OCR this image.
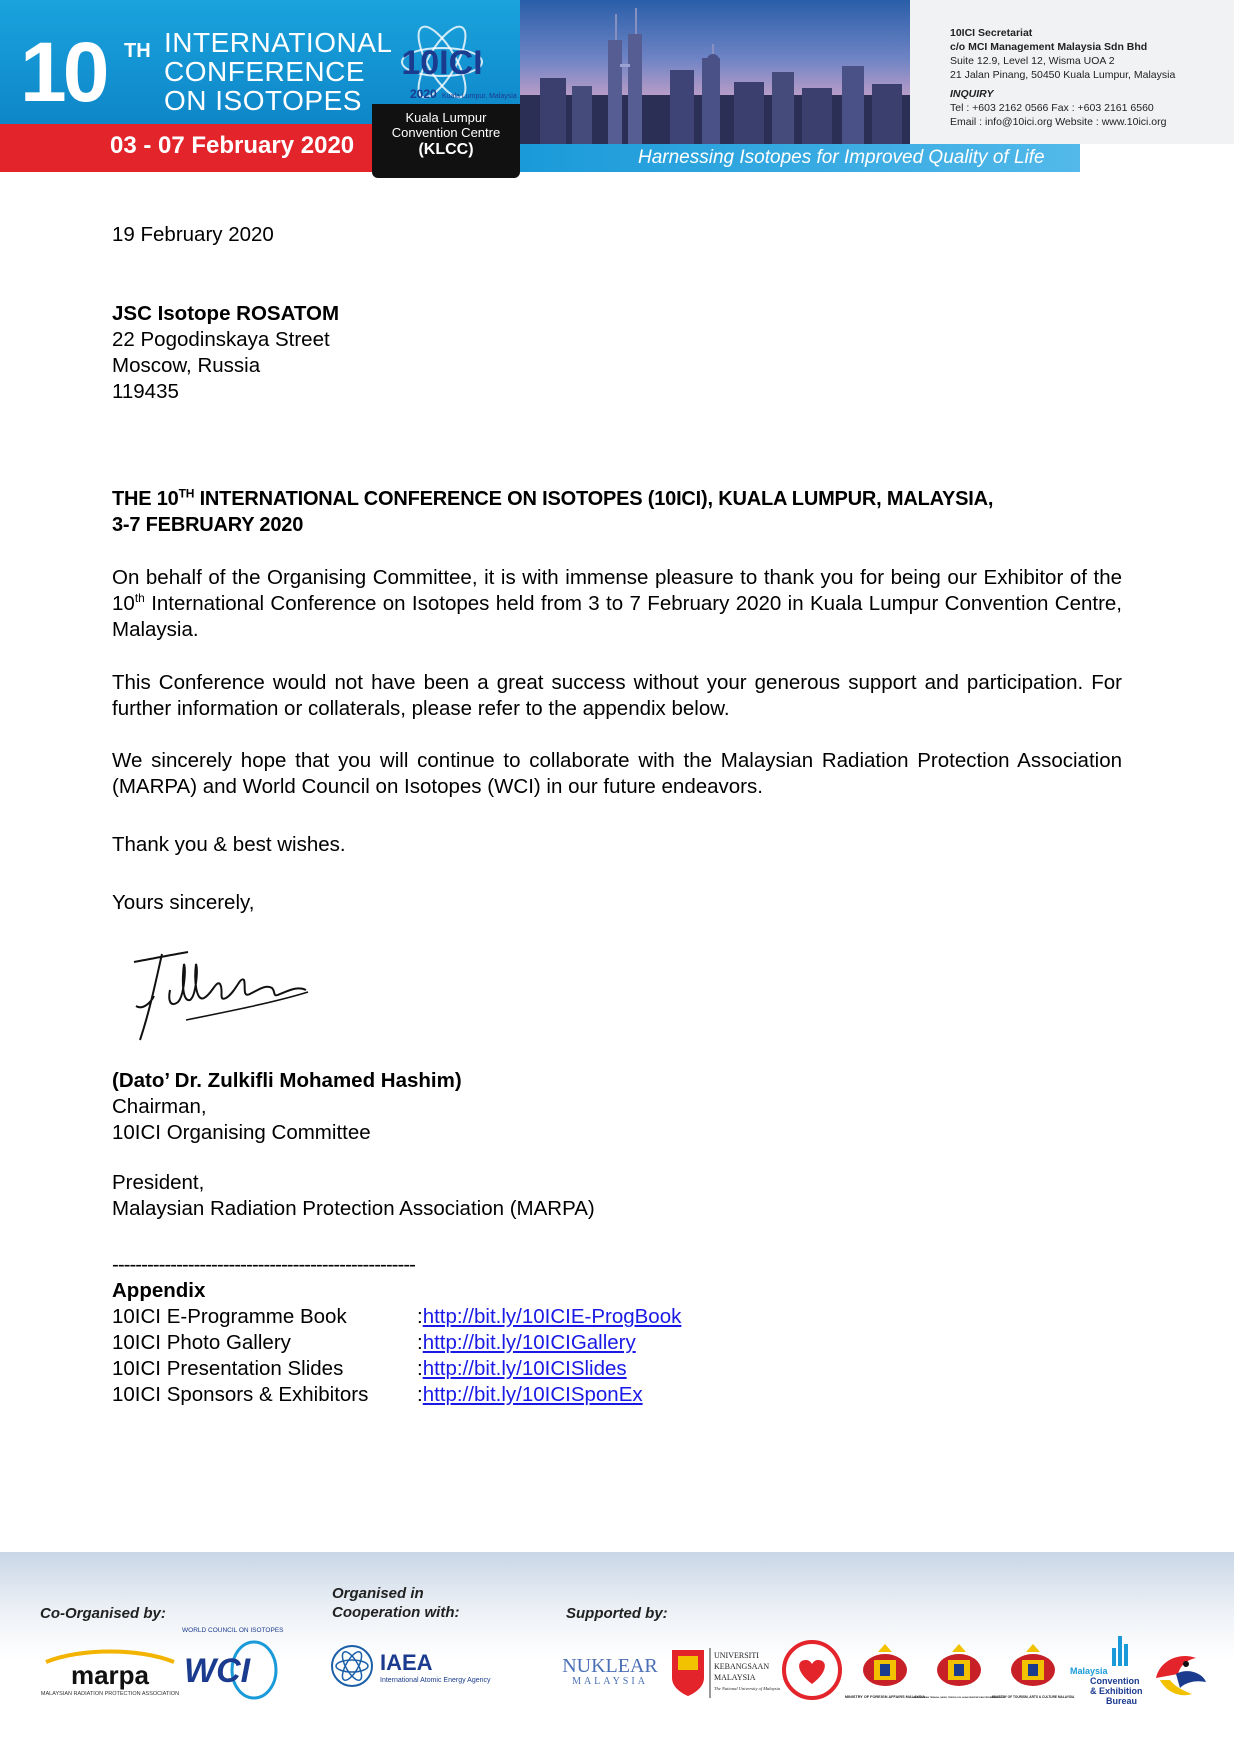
10 TH INTERNATIONAL
CONFERENCE
ON ISOTOPES
03 - 07 February 2020
10ICI
2020 Kuala Lumpur, Malaysia
Kuala Lumpur
Convention Centre
(KLCC)	Harnessing Isotopes for Improved Quality of Life
10ICI Secretariat
c/o MCI Management Malaysia Sdn Bhd
Suite 12.9, Level 12, Wisma UOA 2
21 Jalan Pinang, 50450 Kuala Lumpur, Malaysia
INQUIRY
Tel : +603 2162 0566 Fax : +603 2161 6560
Email : info@10ici.org Website : www.10ici.org
19 February 2020
JSC Isotope ROSATOM
22 Pogodinskaya Street
Moscow, Russia
119435
THE 10TH INTERNATIONAL CONFERENCE ON ISOTOPES (10ICI), KUALA LUMPUR, MALAYSIA,
3-7 FEBRUARY 2020
On behalf of the Organising Committee, it is with immense pleasure to thank you for being our Exhibitor of the 10th International Conference on Isotopes held from 3 to 7 February 2020 in Kuala Lumpur Convention Centre, Malaysia.
This Conference would not have been a great success without your generous support and participation. For further information or collaterals, please refer to the appendix below.
We sincerely hope that you will continue to collaborate with the Malaysian Radiation Protection Association (MARPA) and World Council on Isotopes (WCI) in our future endeavors.
Thank you & best wishes.
Yours sincerely,
(Dato’ Dr. Zulkifli Mohamed Hashim)
Chairman,
10ICI Organising Committee
President,
Malaysian Radiation Protection Association (MARPA)
----------------------------------------------------
Appendix
10ICI E-Programme Book	: http://bit.ly/10ICIE-ProgBook
10ICI Photo Gallery	: http://bit.ly/10ICIGallery
10ICI Presentation Slides	: http://bit.ly/10ICISlides
10ICI Sponsors & Exhibitors	: http://bit.ly/10ICISponEx
Co-Organised by:
Organised in
Cooperation with:	Supported by:
marpa
MALAYSIAN RADIATION PROTECTION ASSOCIATION
WORLD COUNCIL ON ISOTOPES
WCI	IAEA
International Atomic Energy Agency
NUKLEAR
MALAYSIA
UNIVERSITI
KEBANGSAAN
MALAYSIA
The National University of Malaysia
MINISTRY OF FOREIGN AFFAIRS MALAYSIA
KEMENTERIAN TENAGA, SAINS, TEKNOLOGI, ALAM SEKITAR DAN PERUBAHAN IKLIM
MINISTRY OF TOURISM, ARTS & CULTURE MALAYSIA
Malaysia
Convention
& Exhibition
Bureau
